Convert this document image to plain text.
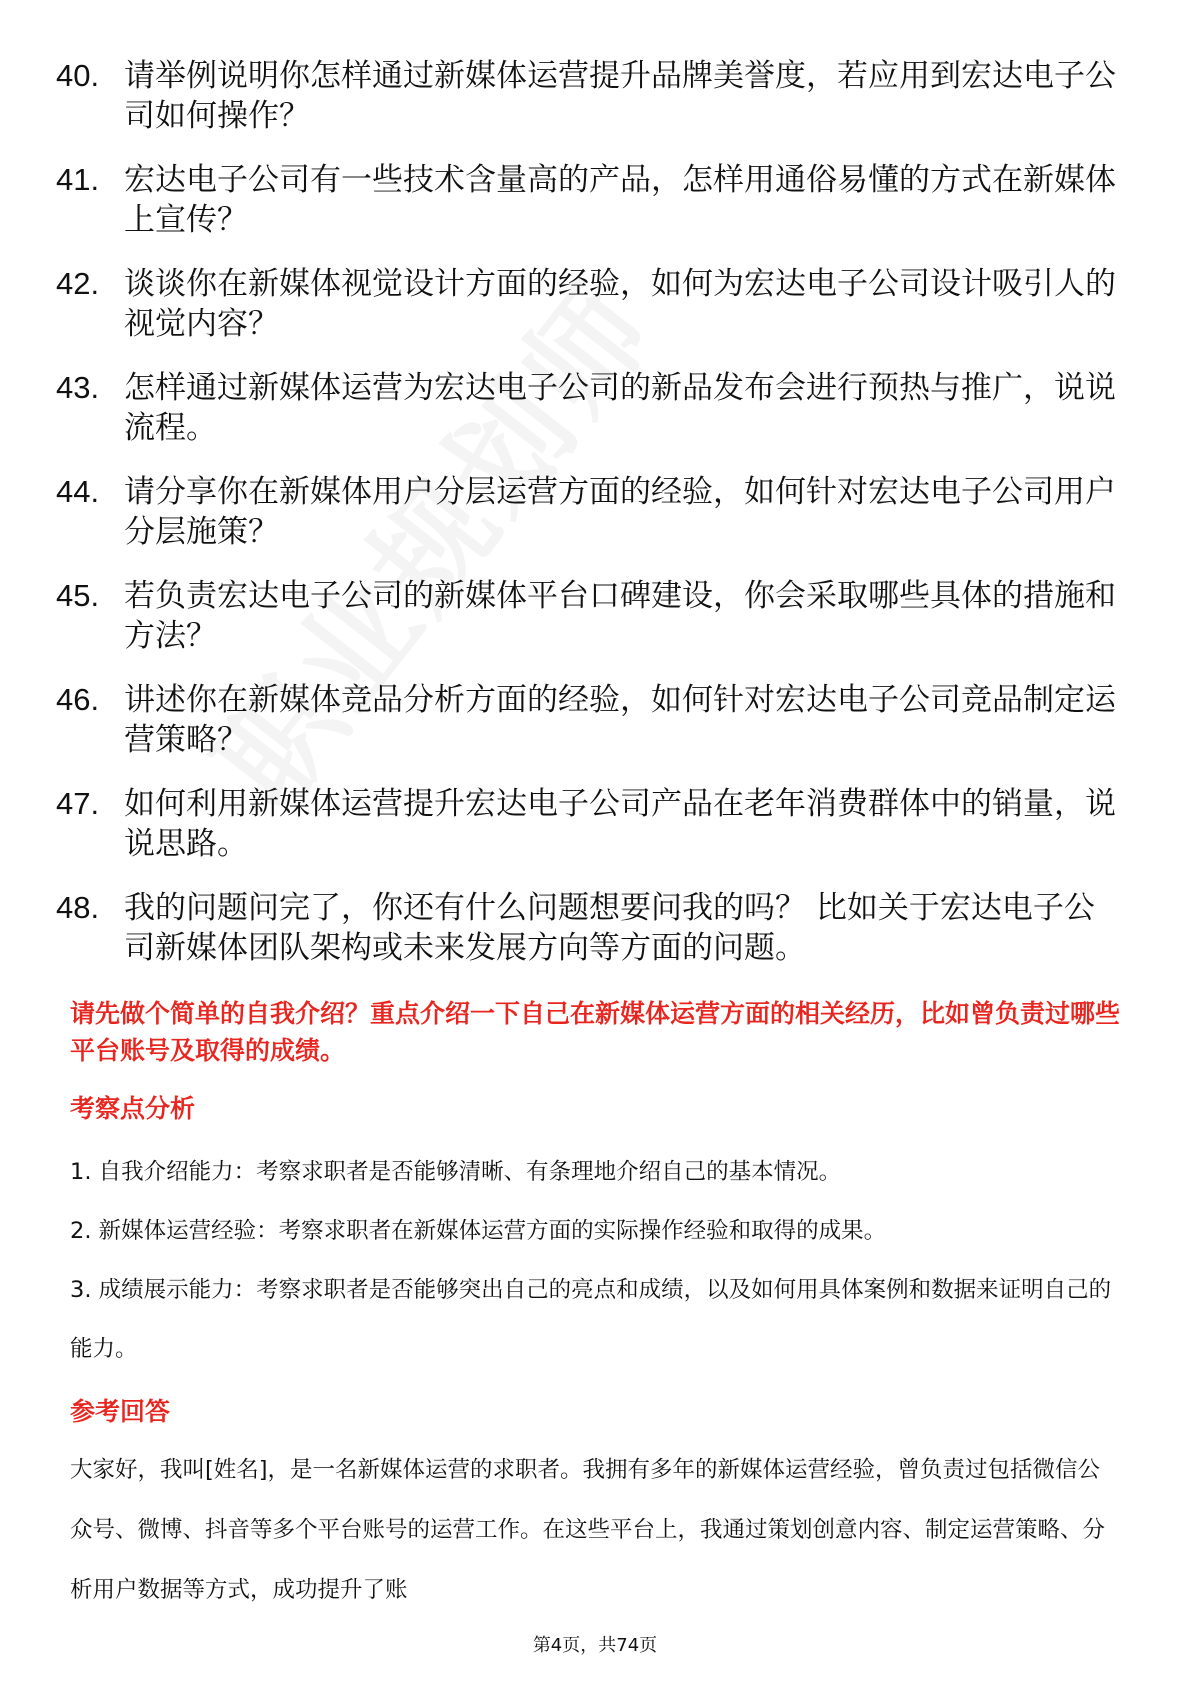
40. 请举例说明你怎样通过新媒体运营提升品牌美誉度，若应用到宏达电子公司如何操作？
41. 宏达电子公司有一些技术含量高的产品，怎样用通俗易懂的方式在新媒体上宣传？
42. 谈谈你在新媒体视觉设计方面的经验，如何为宏达电子公司设计吸引人的视觉内容？
43. 怎样通过新媒体运营为宏达电子公司的新品发布会进行预热与推广，说说流程。
44. 请分享你在新媒体用户分层运营方面的经验，如何针对宏达电子公司用户分层施策？
45. 若负责宏达电子公司的新媒体平台口碑建设，你会采取哪些具体的措施和方法？
46. 讲述你在新媒体竞品分析方面的经验，如何针对宏达电子公司竞品制定运营策略？
47. 如何利用新媒体运营提升宏达电子公司产品在老年消费群体中的销量，说说思路。
48. 我的问题问完了，你还有什么问题想要问我的吗？ 比如关于宏达电子公司新媒体团队架构或未来发展方向等方面的问题。

请先做个简单的自我介绍？重点介绍一下自己在新媒体运营方面的相关经历，比如曾负责过哪些平台账号及取得的成绩。

考察点分析
1. 自我介绍能力：考察求职者是否能够清晰、有条理地介绍自己的基本情况。
2. 新媒体运营经验：考察求职者在新媒体运营方面的实际操作经验和取得的成果。
3. 成绩展示能力：考察求职者是否能够突出自己的亮点和成绩，以及如何用具体案例和数据来证明自己的能力。
参考回答

大家好，我叫[姓名]，是一名新媒体运营的求职者。我拥有多年的新媒体运营经验，曾负责过包括微信公众号、微博、抖音等多个平台账号的运营工作。在这些平台上，我通过策划创意内容、制定运营策略、分析用户数据等方式，成功提升了账

第4页，共74页
